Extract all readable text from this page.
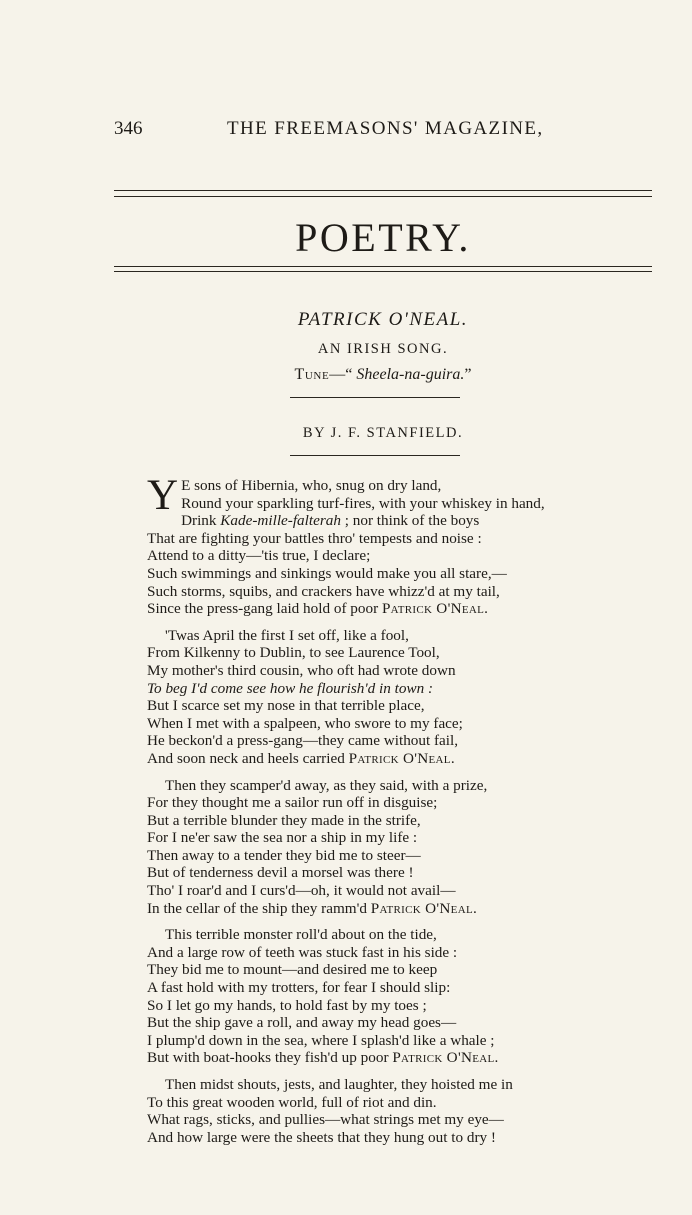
346	THE FREEMASONS' MAGAZINE,
POETRY.
PATRICK O'NEAL.
AN IRISH SONG.
Tune—“ Sheela-na-guira.”
BY J. F. STANFIELD.
Y E sons of Hibernia, who, snug on dry land,
Round your sparkling turf-fires, with your whiskey in hand,
Drink Kade-mille-falterah ; nor think of the boys
That are fighting your battles thro' tempests and noise :
Attend to a ditty—'tis true, I declare;
Such swimmings and sinkings would make you all stare,—
Such storms, squibs, and crackers have whizz'd at my tail,
Since the press-gang laid hold of poor Patrick O'Neal.
'Twas April the first I set off, like a fool,
From Kilkenny to Dublin, to see Laurence Tool,
My mother's third cousin, who oft had wrote down
To beg I'd come see how he flourish'd in town :
But I scarce set my nose in that terrible place,
When I met with a spalpeen, who swore to my face;
He beckon'd a press-gang—they came without fail,
And soon neck and heels carried Patrick O'Neal.
Then they scamper'd away, as they said, with a prize,
For they thought me a sailor run off in disguise;
But a terrible blunder they made in the strife,
For I ne'er saw the sea nor a ship in my life :
Then away to a tender they bid me to steer—
But of tenderness devil a morsel was there !
Tho' I roar'd and I curs'd—oh, it would not avail—
In the cellar of the ship they ramm'd Patrick O'Neal.
This terrible monster roll'd about on the tide,
And a large row of teeth was stuck fast in his side :
They bid me to mount—and desired me to keep
A fast hold with my trotters, for fear I should slip:
So I let go my hands, to hold fast by my toes ;
But the ship gave a roll, and away my head goes—
I plump'd down in the sea, where I splash'd like a whale ;
But with boat-hooks they fish'd up poor Patrick O'Neal.
Then midst shouts, jests, and laughter, they hoisted me in
To this great wooden world, full of riot and din.
What rags, sticks, and pullies—what strings met my eye—
And how large were the sheets that they hung out to dry !
